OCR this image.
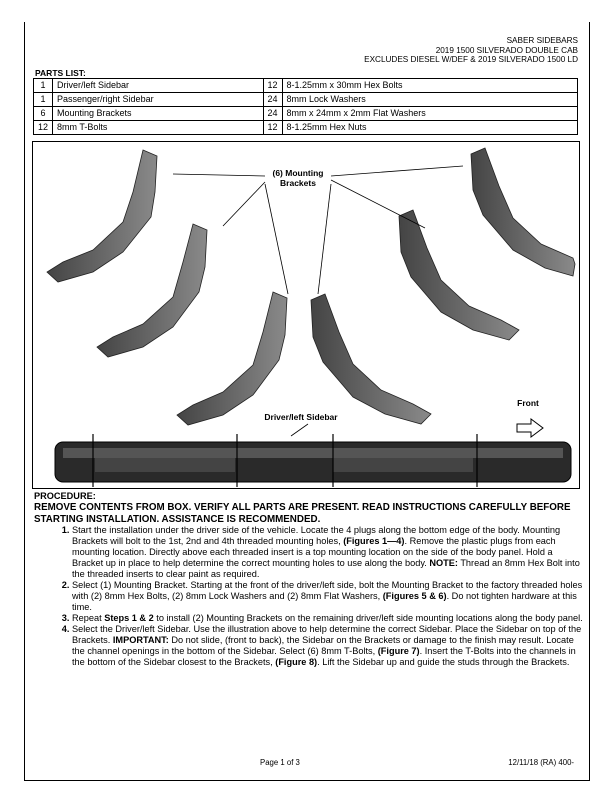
SABER SIDEBARS
2019 1500 SILVERADO DOUBLE CAB
EXCLUDES DIESEL W/DEF & 2019 SILVERADO 1500 LD
PARTS LIST:
1	Driver/left Sidebar	12	8-1.25mm x 30mm Hex Bolts
1	Passenger/right Sidebar	24	8mm Lock Washers
6	Mounting Brackets	24	8mm x 24mm x 2mm Flat Washers
12	8mm T-Bolts	12	8-1.25mm Hex Nuts
(6) Mounting
Brackets
Driver/left Sidebar
Front
PROCEDURE:
REMOVE CONTENTS FROM BOX. VERIFY ALL PARTS ARE PRESENT. READ INSTRUCTIONS CAREFULLY BEFORE STARTING INSTALLATION. ASSISTANCE IS RECOMMENDED.
1. Start the installation under the driver side of the vehicle. Locate the 4 plugs along the bottom edge of the body. Mounting Brackets will bolt to the 1st, 2nd and 4th threaded mounting holes, (Figures 1—4). Remove the plastic plugs from each mounting location. Directly above each threaded insert is a top mounting location on the side of the body panel. Hold a Bracket up in place to help determine the correct mounting holes to use along the body. NOTE: Thread an 8mm Hex Bolt into the threaded inserts to clear paint as required.
2. Select (1) Mounting Bracket. Starting at the front of the driver/left side, bolt the Mounting Bracket to the factory threaded holes with (2) 8mm Hex Bolts, (2) 8mm Lock Washers and (2) 8mm Flat Washers, (Figures 5 & 6). Do not tighten hardware at this time.
3. Repeat Steps 1 & 2 to install (2) Mounting Brackets on the remaining driver/left side mounting locations along the body panel.
4. Select the Driver/left Sidebar. Use the illustration above to help determine the correct Sidebar. Place the Sidebar on top of the Brackets. IMPORTANT: Do not slide, (front to back), the Sidebar on the Brackets or damage to the finish may result. Locate the channel openings in the bottom of the Sidebar. Select (6) 8mm T-Bolts, (Figure 7). Insert the T-Bolts into the channels in the bottom of the Sidebar closest to the Brackets, (Figure 8). Lift the Sidebar up and guide the studs through the Brackets.
Page 1 of 3	12/11/18 (RA) 400-
